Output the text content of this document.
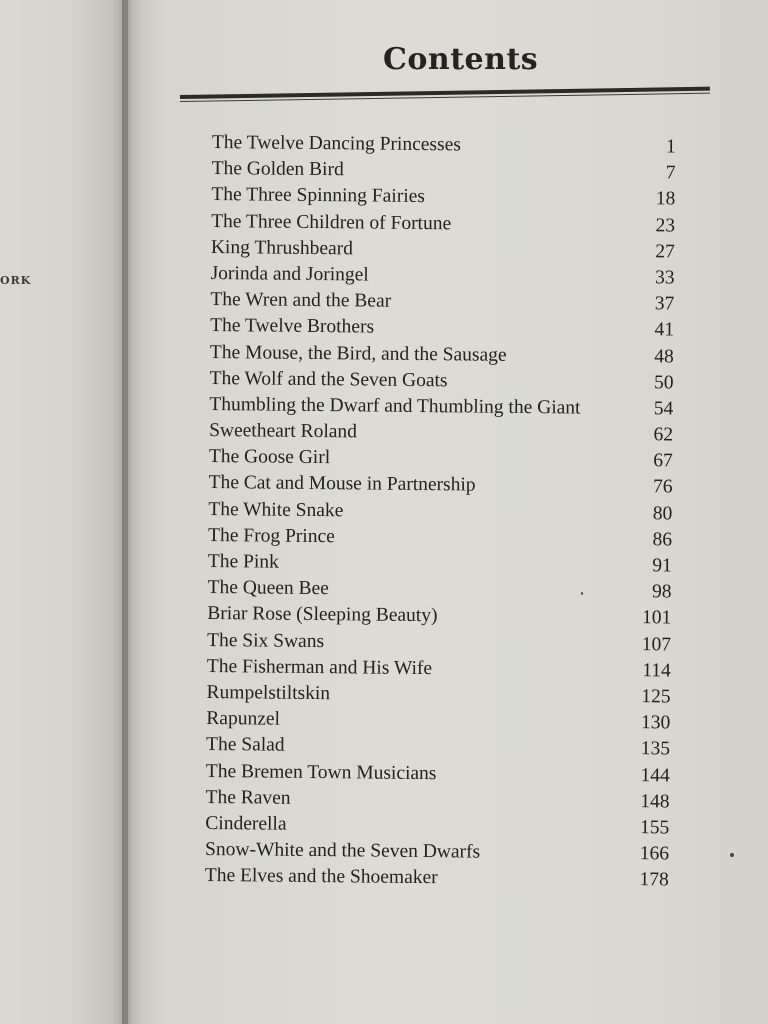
ORK
Contents
The Twelve Dancing Princesses	1
The Golden Bird	7
The Three Spinning Fairies	18
The Three Children of Fortune	23
King Thrushbeard	27
Jorinda and Joringel	33
The Wren and the Bear	37
The Twelve Brothers	41
The Mouse, the Bird, and the Sausage	48
The Wolf and the Seven Goats	50
Thumbling the Dwarf and Thumbling the Giant	54
Sweetheart Roland	62
The Goose Girl	67
The Cat and Mouse in Partnership	76
The White Snake	80
The Frog Prince	86
The Pink	91
The Queen Bee	98
Briar Rose (Sleeping Beauty)	101
The Six Swans	107
The Fisherman and His Wife	114
Rumpelstiltskin	125
Rapunzel	130
The Salad	135
The Bremen Town Musicians	144
The Raven	148
Cinderella	155
Snow-White and the Seven Dwarfs	166
The Elves and the Shoemaker	178
